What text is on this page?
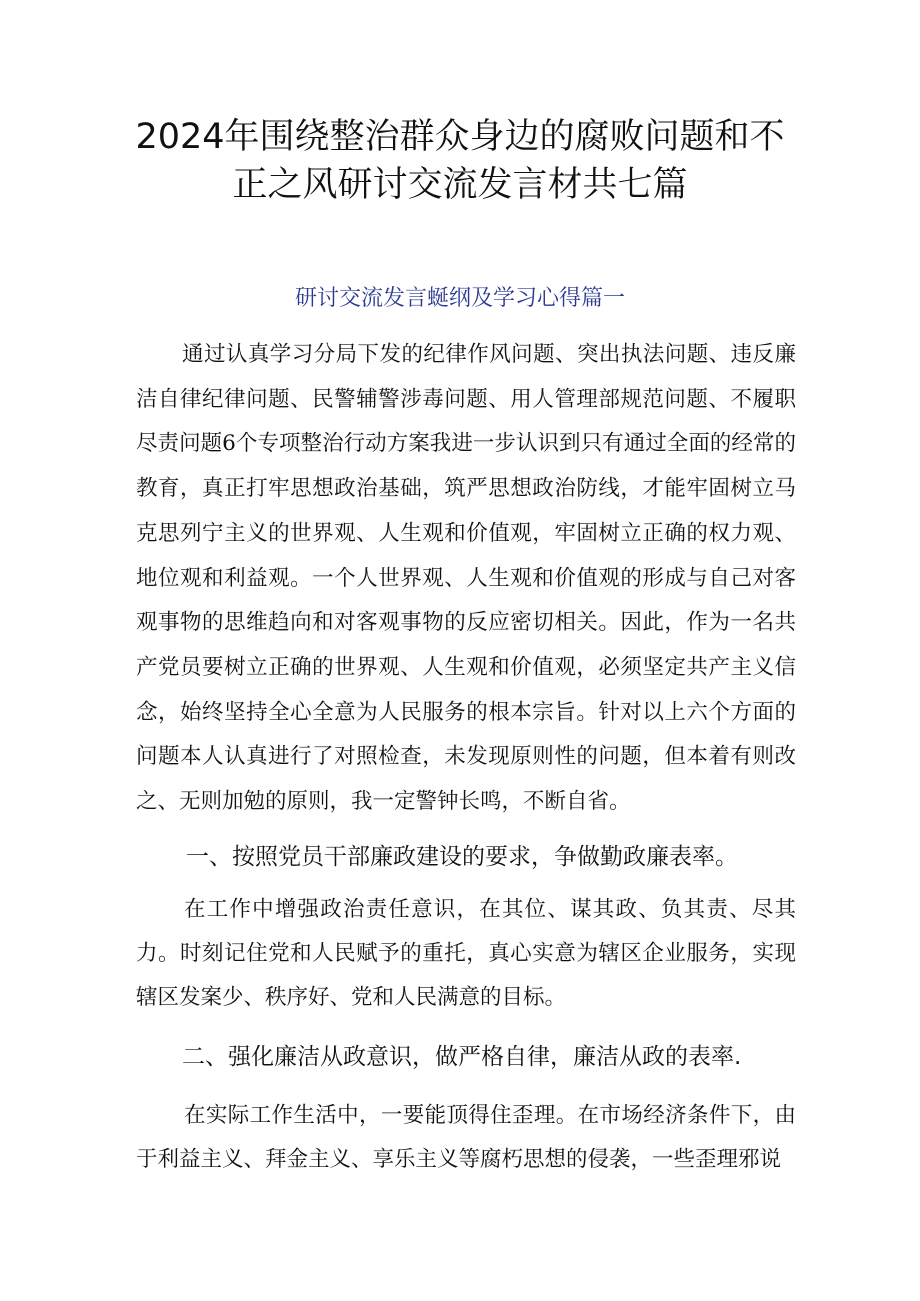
2024年围绕整治群众身边的腐败问题和不
正之风研讨交流发言材共七篇
研讨交流发言蜒纲及学习心得篇一
通过认真学习分局下发的纪律作风问题、突出执法问题、违反廉洁自律纪律问题、民警辅警涉毒问题、用人管理部规范问题、不履职尽责问题6个专项整治行动方案我进一步认识到只有通过全面的经常的教育，真正打牢思想政治基础，筑严思想政治防线，才能牢固树立马克思列宁主义的世界观、人生观和价值观，牢固树立正确的权力观、地位观和利益观。一个人世界观、人生观和价值观的形成与自己对客观事物的思维趋向和对客观事物的反应密切相关。因此，作为一名共产党员要树立正确的世界观、人生观和价值观，必须坚定共产主义信念，始终坚持全心全意为人民服务的根本宗旨。针对以上六个方面的问题本人认真进行了对照检查，未发现原则性的问题，但本着有则改之、无则加勉的原则，我一定警钟长鸣，不断自省。
一、按照党员干部廉政建设的要求，争做勤政廉表率。
在工作中增强政治责任意识，在其位、谋其政、负其责、尽其力。时刻记住党和人民赋予的重托，真心实意为辖区企业服务，实现辖区发案少、秩序好、党和人民满意的目标。
二、强化廉洁从政意识，做严格自律，廉洁从政的表率.
在实际工作生活中，一要能顶得住歪理。在市场经济条件下，由于利益主义、拜金主义、享乐主义等腐朽思想的侵袭，一些歪理邪说
